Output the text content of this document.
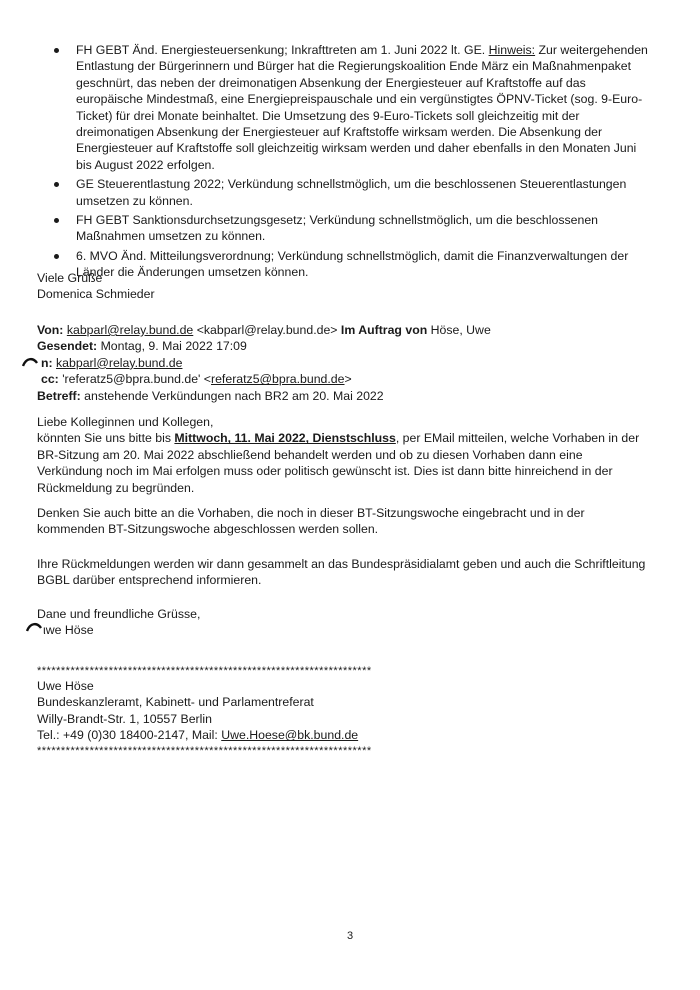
FH GEBT Änd. Energiesteuersenkung; Inkrafttreten am 1. Juni 2022 lt. GE. Hinweis: Zur weitergehenden Entlastung der Bürgerinnern und Bürger hat die Regierungskoalition Ende März ein Maßnahmenpaket geschnürt, das neben der dreimonatigen Absenkung der Energiesteuer auf Kraftstoffe auf das europäische Mindestmaß, eine Energiepreispauschale und ein vergünstigtes ÖPNV-Ticket (sog. 9-Euro-Ticket) für drei Monate beinhaltet. Die Umsetzung des 9-Euro-Tickets soll gleichzeitig mit der dreimonatigen Absenkung der Energiesteuer auf Kraftstoffe wirksam werden. Die Absenkung der Energiesteuer auf Kraftstoffe soll gleichzeitig wirksam werden und daher ebenfalls in den Monaten Juni bis August 2022 erfolgen.
GE Steuerentlastung 2022; Verkündung schnellstmöglich, um die beschlossenen Steuerentlastungen umsetzen zu können.
FH GEBT Sanktionsdurchsetzungsgesetz; Verkündung schnellstmöglich, um die beschlossenen Maßnahmen umsetzen zu können.
6. MVO Änd. Mitteilungsverordnung; Verkündung schnellstmöglich, damit die Finanzverwaltungen der Länder die Änderungen umsetzen können.
Viele Grüße
Domenica Schmieder
Von: kabparl@relay.bund.de <kabparl@relay.bund.de> Im Auftrag von Höse, Uwe
Gesendet: Montag, 9. Mai 2022 17:09
n: kabparl@relay.bund.de
ᴄc: 'referatz5@bpra.bund.de' <referatz5@bpra.bund.de>
Betreff: anstehende Verkündungen nach BR2 am 20. Mai 2022
Liebe Kolleginnen und Kollegen,
könnten Sie uns bitte bis Mittwoch, 11. Mai 2022, Dienstschluss, per EMail mitteilen, welche Vorhaben in der BR-Sitzung am 20. Mai 2022 abschließend behandelt werden und ob zu diesen Vorhaben dann eine Verkündung noch im Mai erfolgen muss oder politisch gewünscht ist. Dies ist dann bitte hinreichend in der Rückmeldung zu begründen.
Denken Sie auch bitte an die Vorhaben, die noch in dieser BT-Sitzungswoche eingebracht und in der kommenden BT-Sitzungswoche abgeschlossen werden sollen.
Ihre Rückmeldungen werden wir dann gesammelt an das Bundespräsidialamt geben und auch die Schriftleitung BGBL darüber entsprechend informieren.
Dane und freundliche Grüsse,
ιwe Höse
**********************************************************************
Uwe Höse
Bundeskanzleramt, Kabinett- und Parlamentreferat
Willy-Brandt-Str. 1, 10557 Berlin
Tel.: +49 (0)30 18400-2147, Mail: Uwe.Hoese@bk.bund.de
**********************************************************************
3
